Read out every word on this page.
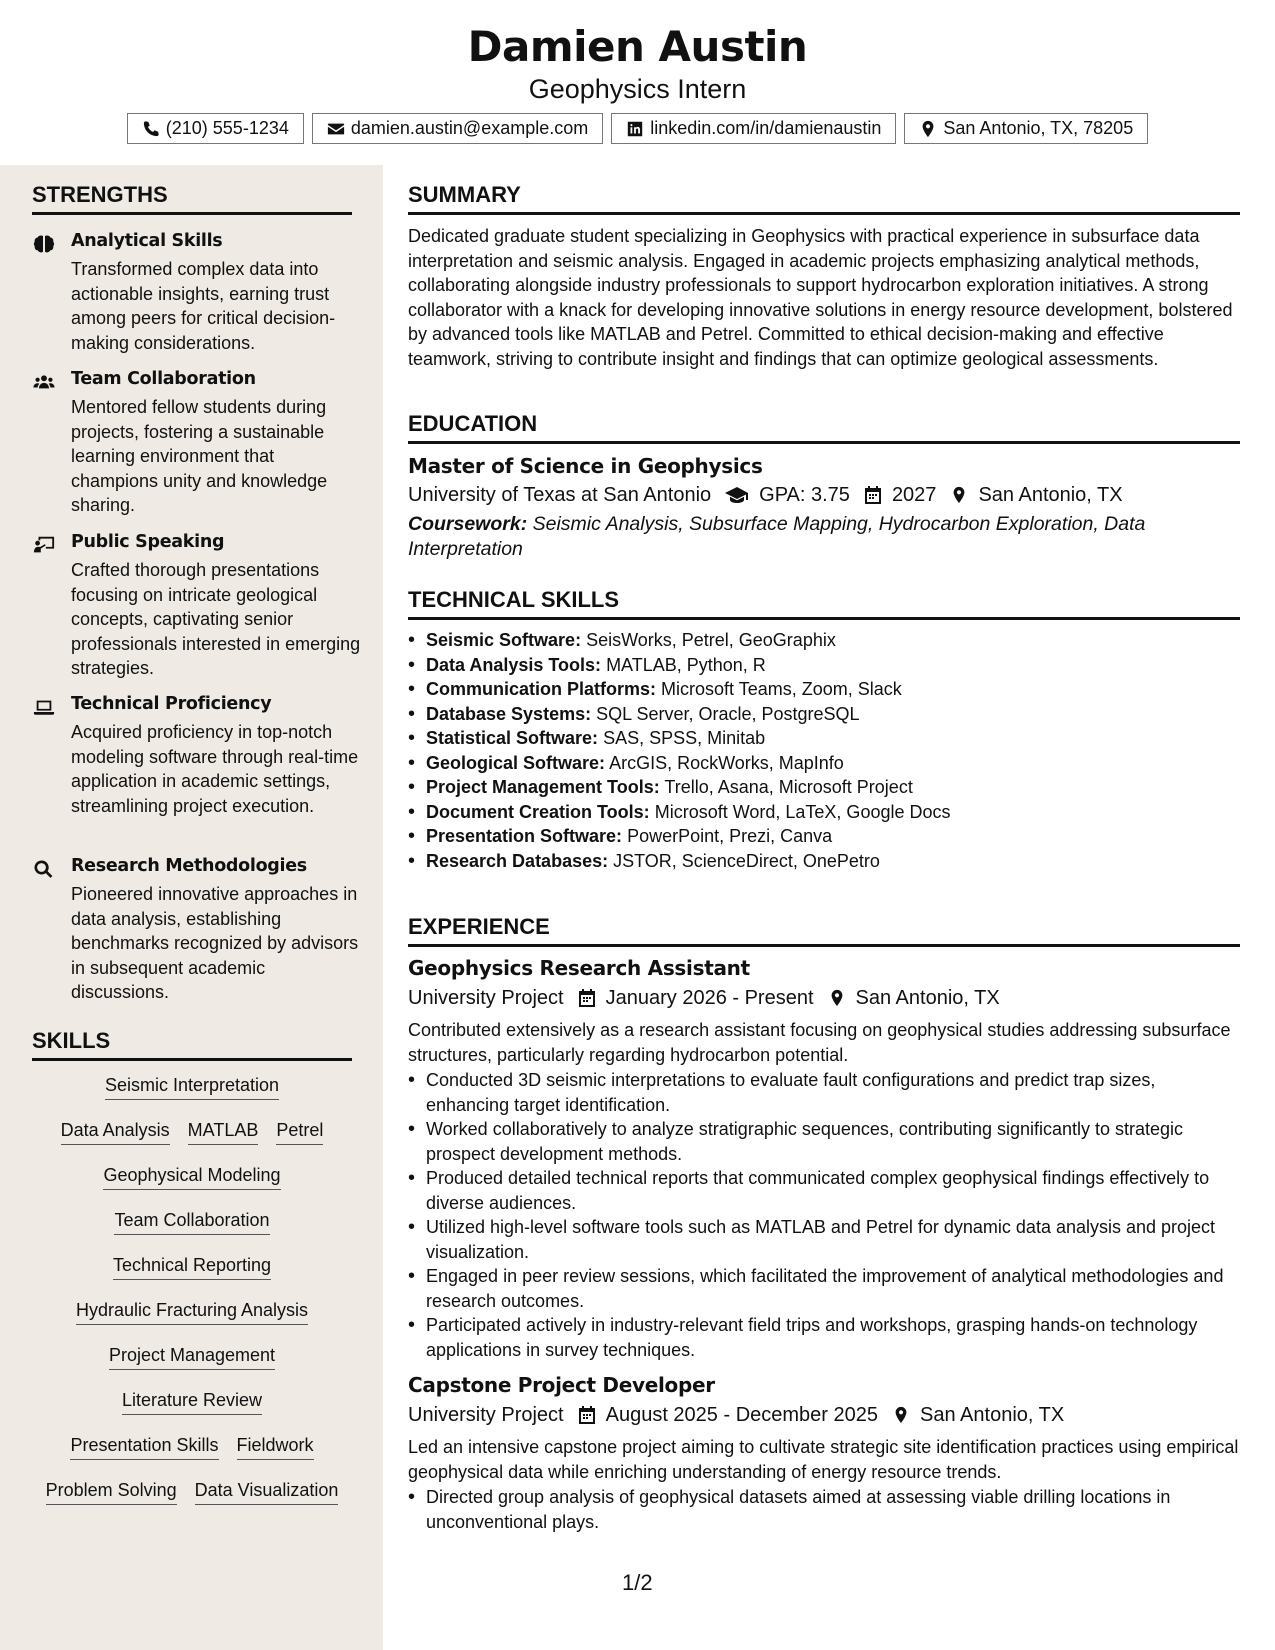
Damien Austin
Geophysics Intern
(210) 555-1234	damien.austin@example.com	linkedin.com/in/damienaustin	San Antonio, TX, 78205
STRENGTHS
Analytical Skills
Transformed complex data into actionable insights, earning trust among peers for critical decision-making considerations.
Team Collaboration
Mentored fellow students during projects, fostering a sustainable learning environment that champions unity and knowledge sharing.
Public Speaking
Crafted thorough presentations focusing on intricate geological concepts, captivating senior professionals interested in emerging strategies.
Technical Proficiency
Acquired proficiency in top-notch modeling software through real-time application in academic settings, streamlining project execution.
Research Methodologies
Pioneered innovative approaches in data analysis, establishing benchmarks recognized by advisors in subsequent academic discussions.
SKILLS
Seismic Interpretation
Data Analysis MATLAB Petrel
Geophysical Modeling
Team Collaboration
Technical Reporting
Hydraulic Fracturing Analysis
Project Management
Literature Review
Presentation Skills Fieldwork
Problem Solving Data Visualization
SUMMARY
Dedicated graduate student specializing in Geophysics with practical experience in subsurface data interpretation and seismic analysis. Engaged in academic projects emphasizing analytical methods, collaborating alongside industry professionals to support hydrocarbon exploration initiatives. A strong collaborator with a knack for developing innovative solutions in energy resource development, bolstered by advanced tools like MATLAB and Petrel. Committed to ethical decision-making and effective teamwork, striving to contribute insight and findings that can optimize geological assessments.
EDUCATION
Master of Science in Geophysics
University of Texas at San Antonio GPA: 3.75 2027 San Antonio, TX
Coursework: Seismic Analysis, Subsurface Mapping, Hydrocarbon Exploration, Data Interpretation
TECHNICAL SKILLS
• Seismic Software: SeisWorks, Petrel, GeoGraphix
• Data Analysis Tools: MATLAB, Python, R
• Communication Platforms: Microsoft Teams, Zoom, Slack
• Database Systems: SQL Server, Oracle, PostgreSQL
• Statistical Software: SAS, SPSS, Minitab
• Geological Software: ArcGIS, RockWorks, MapInfo
• Project Management Tools: Trello, Asana, Microsoft Project
• Document Creation Tools: Microsoft Word, LaTeX, Google Docs
• Presentation Software: PowerPoint, Prezi, Canva
• Research Databases: JSTOR, ScienceDirect, OnePetro
EXPERIENCE
Geophysics Research Assistant
University Project January 2026 - Present San Antonio, TX
Contributed extensively as a research assistant focusing on geophysical studies addressing subsurface structures, particularly regarding hydrocarbon potential.
• Conducted 3D seismic interpretations to evaluate fault configurations and predict trap sizes, enhancing target identification.
• Worked collaboratively to analyze stratigraphic sequences, contributing significantly to strategic prospect development methods.
• Produced detailed technical reports that communicated complex geophysical findings effectively to diverse audiences.
• Utilized high-level software tools such as MATLAB and Petrel for dynamic data analysis and project visualization.
• Engaged in peer review sessions, which facilitated the improvement of analytical methodologies and research outcomes.
• Participated actively in industry-relevant field trips and workshops, grasping hands-on technology applications in survey techniques.
Capstone Project Developer
University Project August 2025 - December 2025 San Antonio, TX
Led an intensive capstone project aiming to cultivate strategic site identification practices using empirical geophysical data while enriching understanding of energy resource trends.
• Directed group analysis of geophysical datasets aimed at assessing viable drilling locations in unconventional plays.
1/2
